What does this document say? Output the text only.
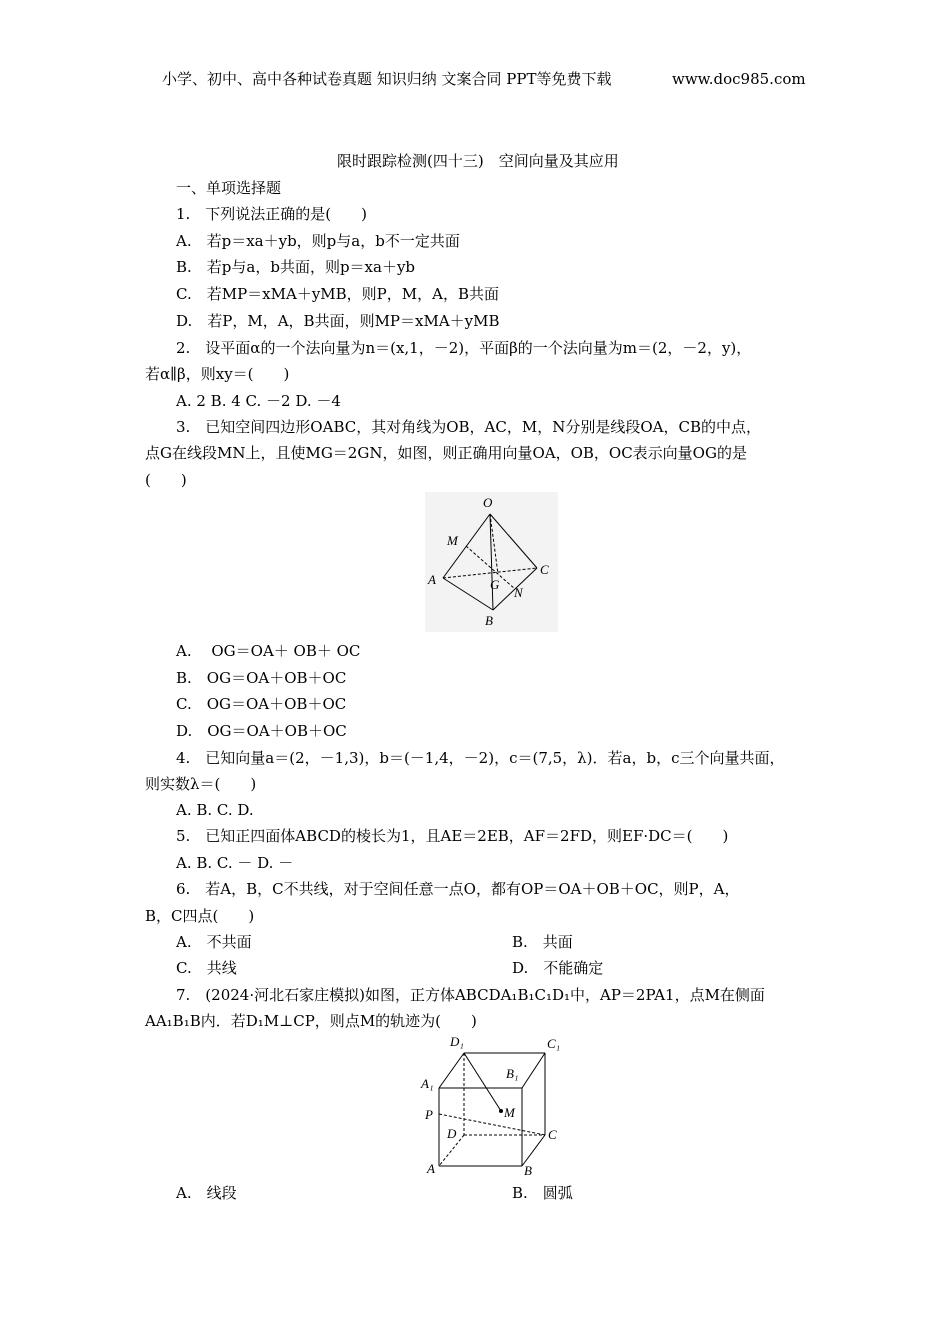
小学、初中、高中各种试卷真题 知识归纳 文案合同 PPT等免费下载	www.doc985.com
限时跟踪检测(四十三)　空间向量及其应用
一、单项选择题
1.　下列说法正确的是(　　)
A.　若p＝xa＋yb，则p与a，b不一定共面
B.　若p与a，b共面，则p＝xa＋yb
C.　若MP＝xMA＋yMB，则P，M，A，B共面
D.　若P，M，A，B共面，则MP＝xMA＋yMB
2.　设平面α的一个法向量为n＝(x,1，－2)，平面β的一个法向量为m＝(2，－2，y)，
若α∥β，则xy＝(　　)
A. 2 B. 4 C. －2 D. －4
3.　已知空间四边形OABC，其对角线为OB，AC，M，N分别是线段OA，CB的中点，
点G在线段MN上，且使MG＝2GN，如图，则正确用向量OA，OB，OC表示向量OG的是
(　　)
O
M
A	G
C
N
B
A.　 OG＝OA＋ OB＋ OC
B.　OG＝OA＋OB＋OC
C.　OG＝OA＋OB＋OC
D.　OG＝OA＋OB＋OC
4.　已知向量a＝(2，－1,3)，b＝(－1,4，－2)，c＝(7,5，λ)．若a，b，c三个向量共面，
则实数λ＝(　　)
A. B. C. D.
5.　已知正四面体ABCD的棱长为1，且AE＝2EB，AF＝2FD，则EF·DC＝(　　)
A. B. C. － D. －
6.　若A，B，C不共线，对于空间任意一点O，都有OP＝OA＋OB＋OC，则P，A，
B，C四点(　　)
A.　不共面	B.　共面
C.　共线	D.　不能确定
7.　(2024·河北石家庄模拟)如图，正方体ABCDA₁B₁C₁D₁中，AP＝2PA1，点M在侧面
AA₁B₁B内．若D₁M⊥CP，则点M的轨迹为(　　)
D₁	C₁
A₁
B₁
P	M
D	C
A	B
A.　线段	B.　圆弧
